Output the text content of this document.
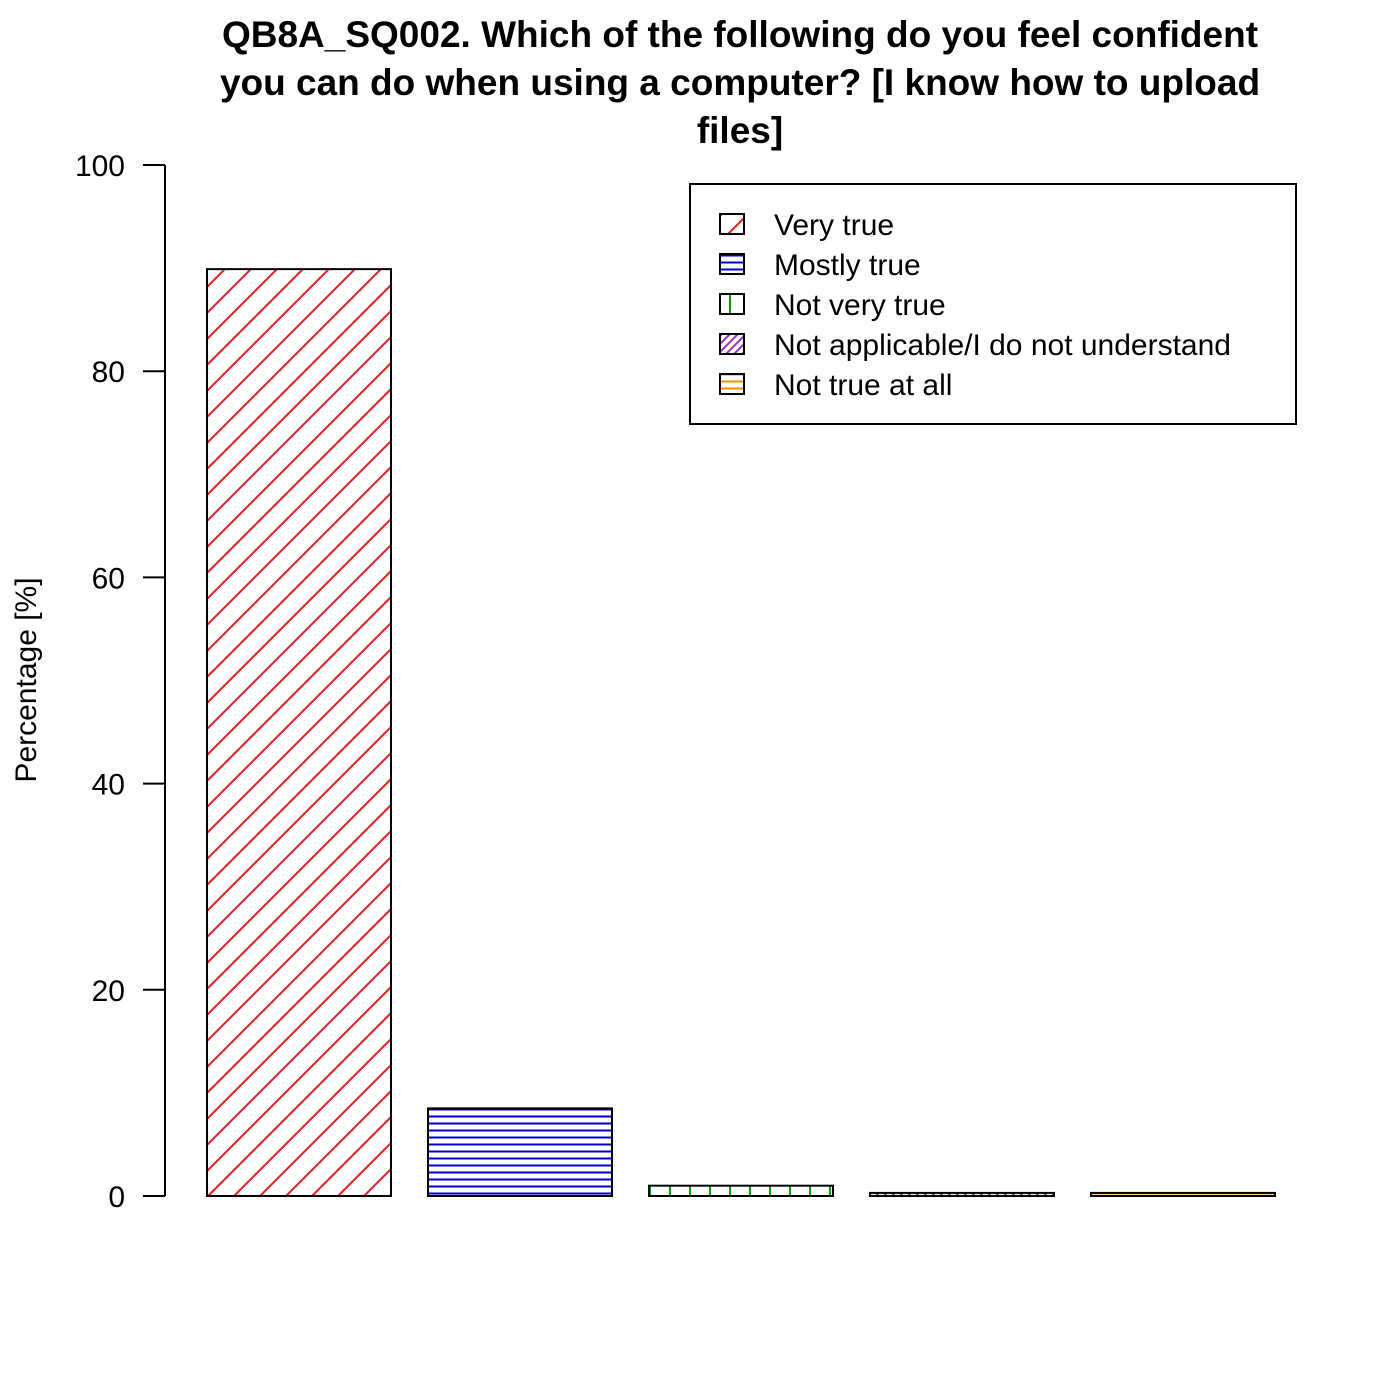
QB8A_SQ002. Which of the following do you feel confident
you can do when using a computer? [I know how to upload
files]
0
20
40
60
80
100
Percentage [%]
Very true
Mostly true
Not very true
Not applicable/I do not understand
Not true at all
